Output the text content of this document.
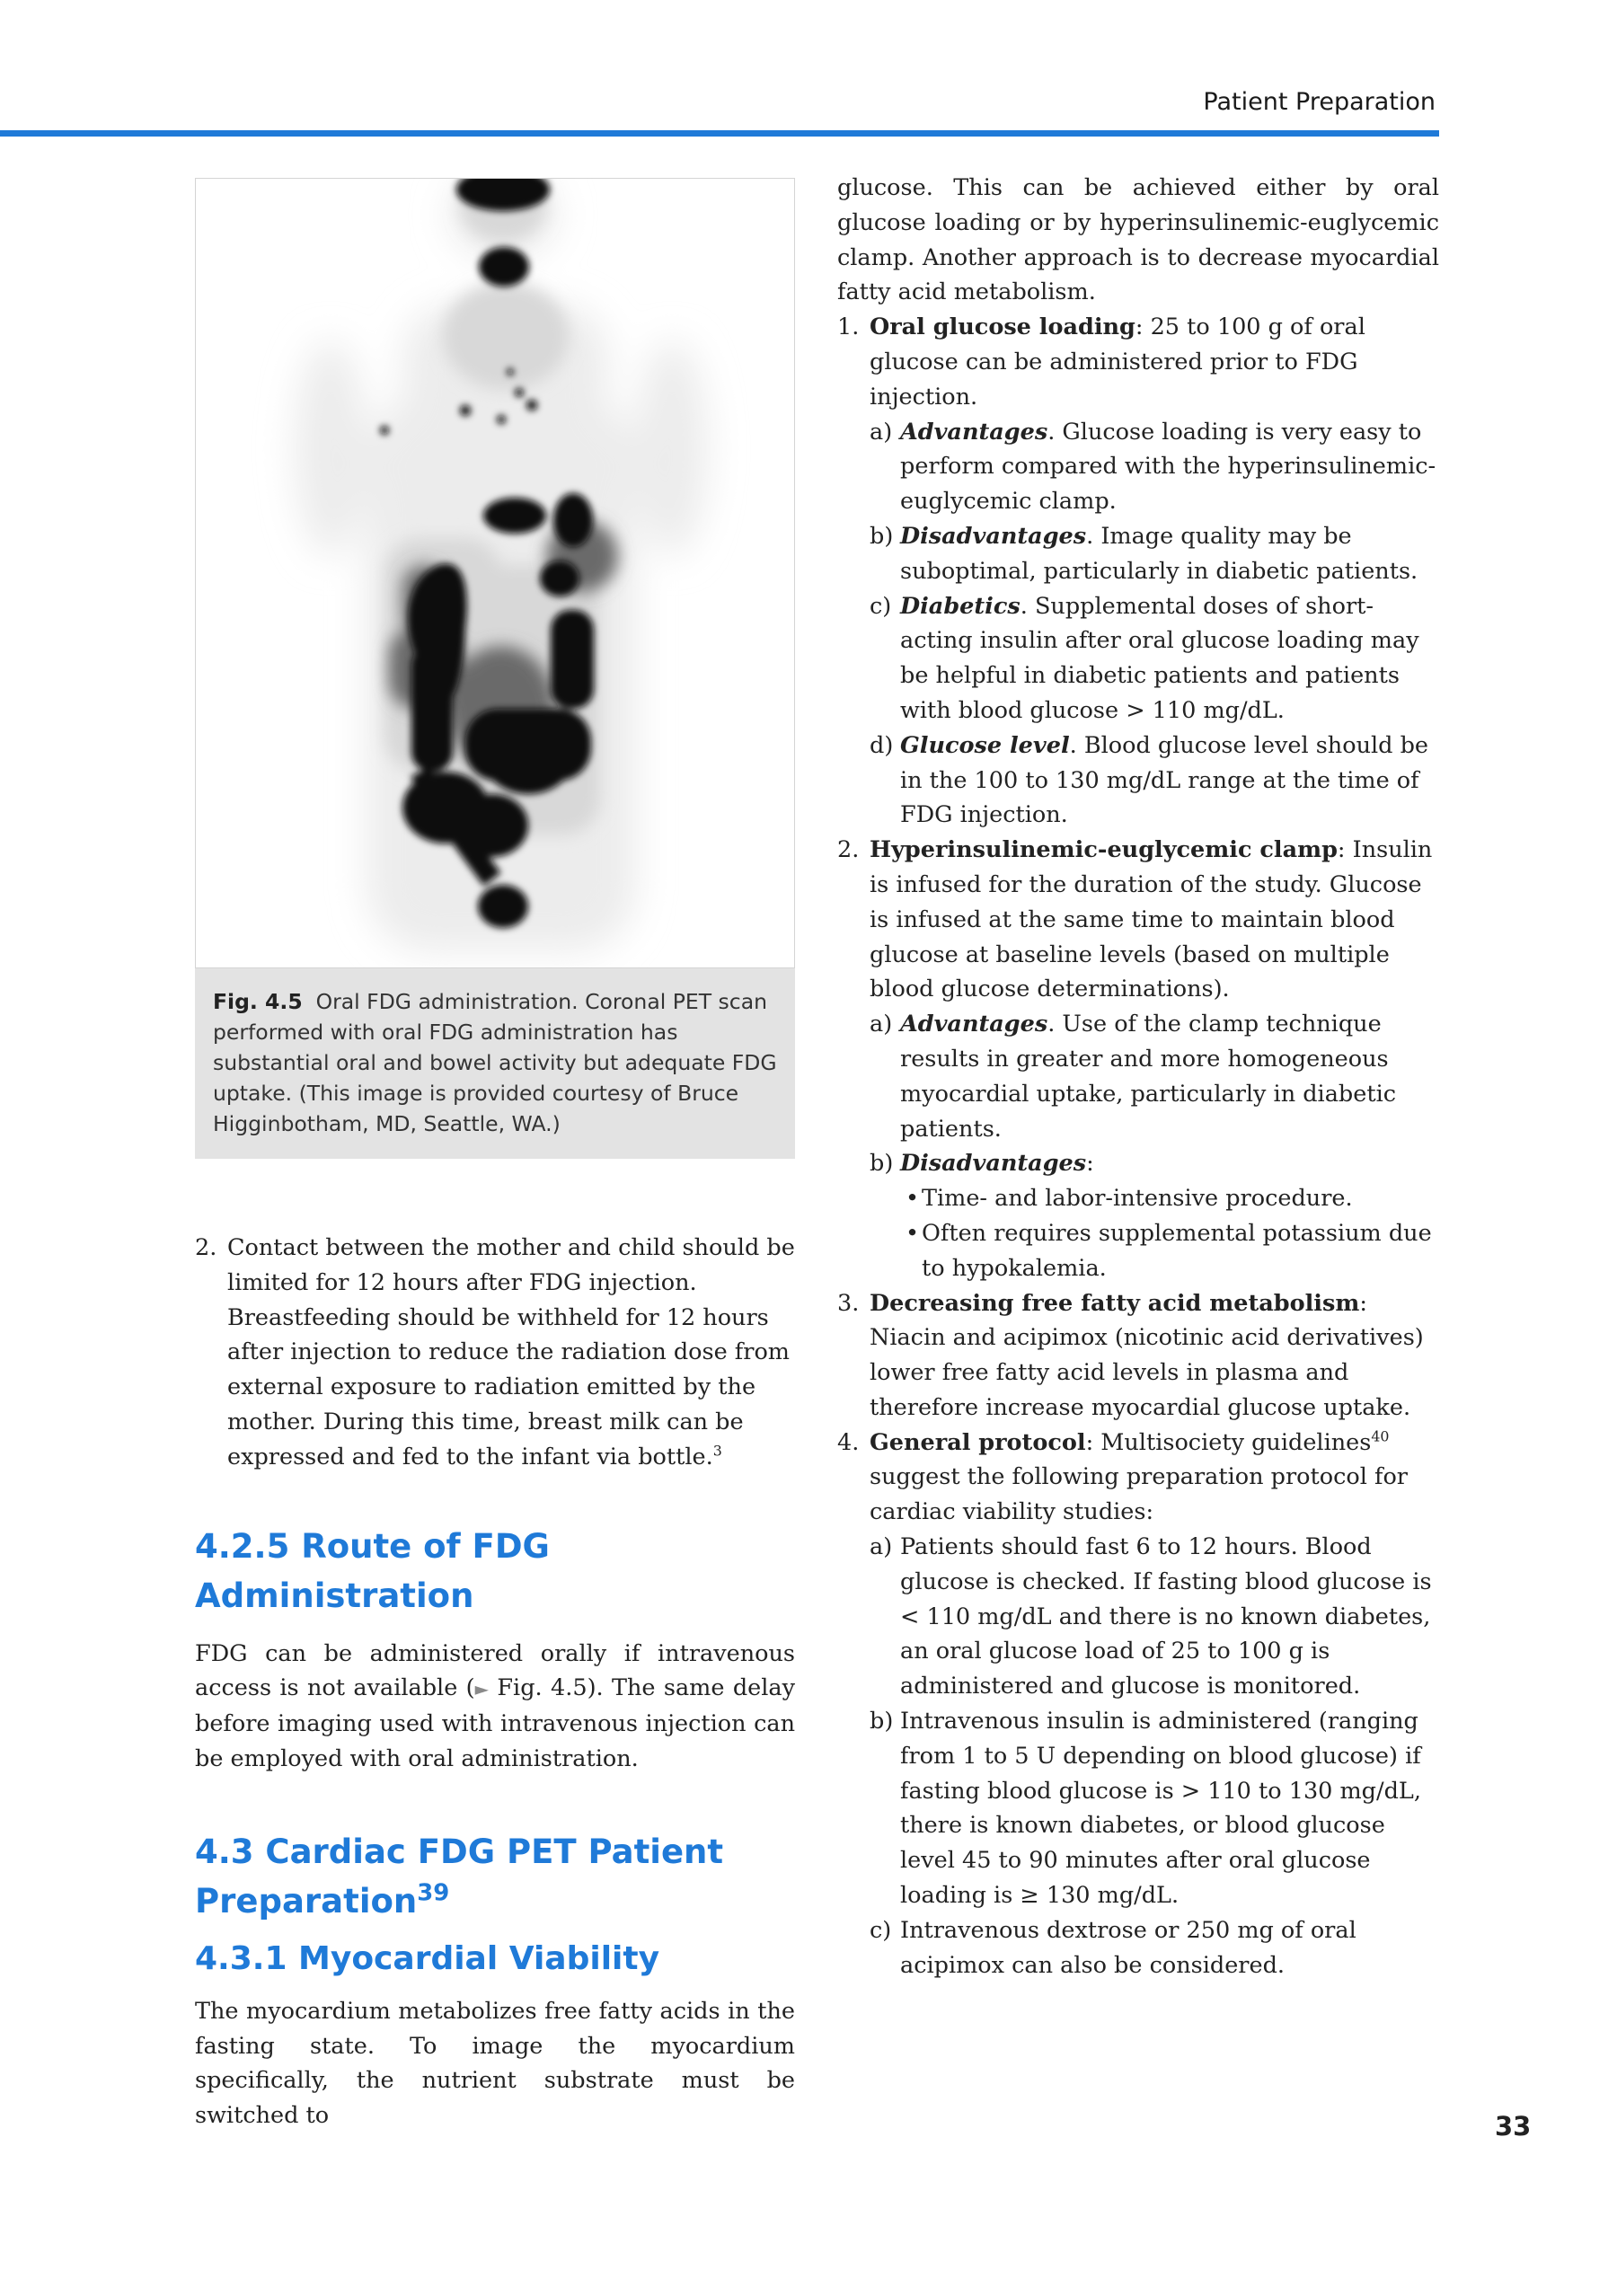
Patient Preparation
Fig. 4.5 Oral FDG administration. Coronal PET scan performed with oral FDG administration has substantial oral and bowel activity but adequate FDG uptake. (This image is provided courtesy of Bruce Higginbotham, MD, Seattle, WA.)
2. Contact between the mother and child should be limited for 12 hours after FDG injection. Breastfeeding should be withheld for 12 hours after injection to reduce the radiation dose from external exposure to radiation emitted by the mother. During this time, breast milk can be expressed and fed to the infant via bottle.$^3$
4.2.5 Route of FDG Administration

FDG can be administered orally if intravenous access is not available (► Fig. 4.5). The same delay before imaging used with intravenous injection can be employed with oral administration.

4.3 Cardiac FDG PET Patient Preparation$^{39}$
4.3.1 Myocardial Viability

The myocardium metabolizes free fatty acids in the fasting state. To image the myocardium specifically, the nutrient substrate must be switched to

glucose. This can be achieved either by oral glucose loading or by hyperinsulinemic-euglycemic clamp. Another approach is to decrease myocardial fatty acid metabolism.

1. Oral glucose loading: 25 to 100 g of oral glucose can be administered prior to FDG injection.
a) Advantages. Glucose loading is very easy to perform compared with the hyperinsulinemic-euglycemic clamp.
b) Disadvantages. Image quality may be suboptimal, particularly in diabetic patients.
c) Diabetics. Supplemental doses of short-acting insulin after oral glucose loading may be helpful in diabetic patients and patients with blood glucose > 110 mg/dL.
d) Glucose level. Blood glucose level should be in the 100 to 130 mg/dL range at the time of FDG injection.
2. Hyperinsulinemic-euglycemic clamp: Insulin is infused for the duration of the study. Glucose is infused at the same time to maintain blood glucose at baseline levels (based on multiple blood glucose determinations).
a) Advantages. Use of the clamp technique results in greater and more homogeneous myocardial uptake, particularly in diabetic patients.
b) Disadvantages:
• Time- and labor-intensive procedure.
• Often requires supplemental potassium due to hypokalemia.
3. Decreasing free fatty acid metabolism: Niacin and acipimox (nicotinic acid derivatives) lower free fatty acid levels in plasma and therefore increase myocardial glucose uptake.
4. General protocol: Multisociety guidelines$^{40}$ suggest the following preparation protocol for cardiac viability studies:
a) Patients should fast 6 to 12 hours. Blood glucose is checked. If fasting blood glucose is < 110 mg/dL and there is no known diabetes, an oral glucose load of 25 to 100 g is administered and glucose is monitored.
b) Intravenous insulin is administered (ranging from 1 to 5 U depending on blood glucose) if fasting blood glucose is > 110 to 130 mg/dL, there is known diabetes, or blood glucose level 45 to 90 minutes after oral glucose loading is ≥ 130 mg/dL.
c) Intravenous dextrose or 250 mg of oral acipimox can also be considered.
33
